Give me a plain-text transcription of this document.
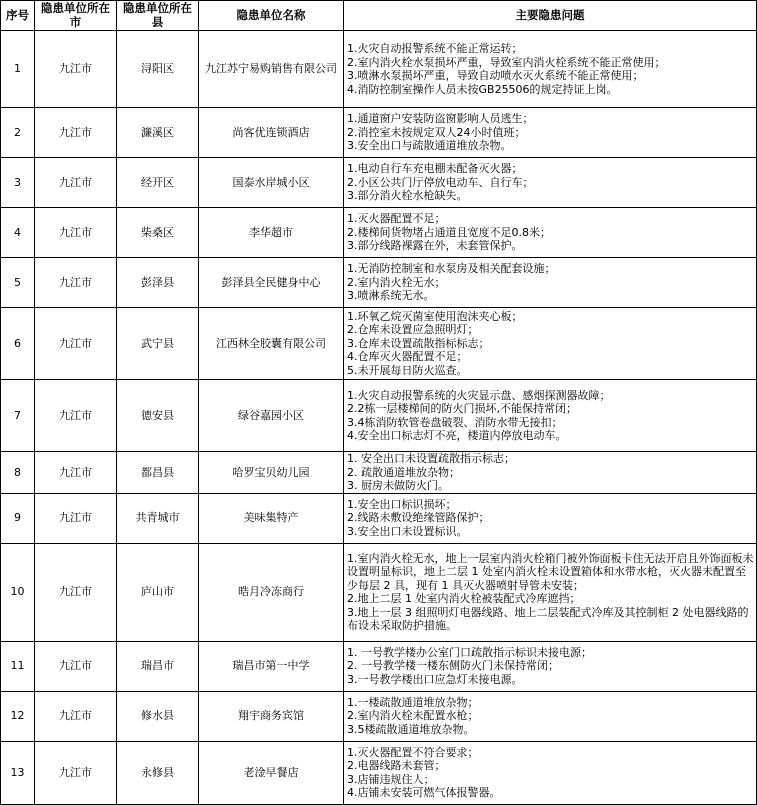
序号	隐患单位所在市	隐患单位所在县	隐患单位名称	主要隐患问题
1	九江市	浔阳区	九江苏宁易购销售有限公司	1.火灾自动报警系统不能正常运转；
2.室内消火栓水泵损坏严重，导致室内消火栓系统不能正常使用；
3.喷淋水泵损坏严重，导致自动喷水灭火系统不能正常使用；
4.消防控制室操作人员未按GB25506的规定持证上岗。

2	九江市	濂溪区	尚客优连锁酒店	1.通道窗户安装防盗窗影响人员逃生；
2.消控室未按规定双人24小时值班；
3.安全出口与疏散通道堆放杂物。

3	九江市	经开区	国泰水岸城小区	1.电动自行车充电棚未配备灭火器；
2.小区公共门厅停放电动车、自行车；
3.部分消火栓水枪缺失。

4	九江市	柴桑区	李华超市	1.灭火器配置不足；
2.楼梯间货物堵占通道且宽度不足0.8米；
3.部分线路裸露在外，未套管保护。

5	九江市	彭泽县	彭泽县全民健身中心	1.无消防控制室和水泵房及相关配套设施；
2.室内消火栓无水；
3.喷淋系统无水。

6	九江市	武宁县	江西林全胶囊有限公司	1.环氧乙烷灭菌室使用泡沫夹心板；
2.仓库未设置应急照明灯；
3.仓库未设置疏散指标标志；
4.仓库灭火器配置不足；
5.未开展每日防火巡查。

7	九江市	德安县	绿谷嘉园小区	1.火灾自动报警系统的火灾显示盘、感烟探测器故障；
2.2栋一层楼梯间的防火门损坏,不能保持常闭；
3.4栋消防软管卷盘破裂、消防水带无接扣；
4.安全出口标志灯不亮，楼道内停放电动车。

8	九江市	都昌县	哈罗宝贝幼儿园	1. 安全出口未设置疏散指示标志；
2. 疏散通道堆放杂物；
3. 厨房未做防火门。

9	九江市	共青城市	美味集特产	1.安全出口标识损坏；
2.线路未敷设绝缘管路保护；
3.安全出口未设置标识。

10	九江市	庐山市	晧月冷冻商行	1.室内消火栓无水，地上一层室内消火栓箱门被外饰面板卡住无法开启且外饰面板未设置明显标识，地上二层 1 处室内消火栓未设置箱体和水带水枪，灭火器未配置至少每层 2 具，现有 1 具灭火器喷射导管未安装；
2.地上二层 1 处室内消火栓被装配式冷库遮挡；
3.地上一层 3 组照明灯电器线路、地上二层装配式冷库及其控制柜 2 处电器线路的布设未采取防护措施。

11	九江市	瑞昌市	瑞昌市第一中学	1. 一号教学楼办公室门口疏散指示标识未接电源；
2. 一号教学楼一楼东侧防火门未保持常闭；
3.一号教学楼出口应急灯未接电源。

12	九江市	修水县	翔宇商务宾馆	1.一楼疏散通道堆放杂物；
2.室内消火栓未配置水枪；
3.5楼疏散通道堆放杂物。

13	九江市	永修县	老淦早餐店	1.灭火器配置不符合要求；
2.电器线路未套管；
3.店铺违规住人；
4.店铺未安装可燃气体报警器。
